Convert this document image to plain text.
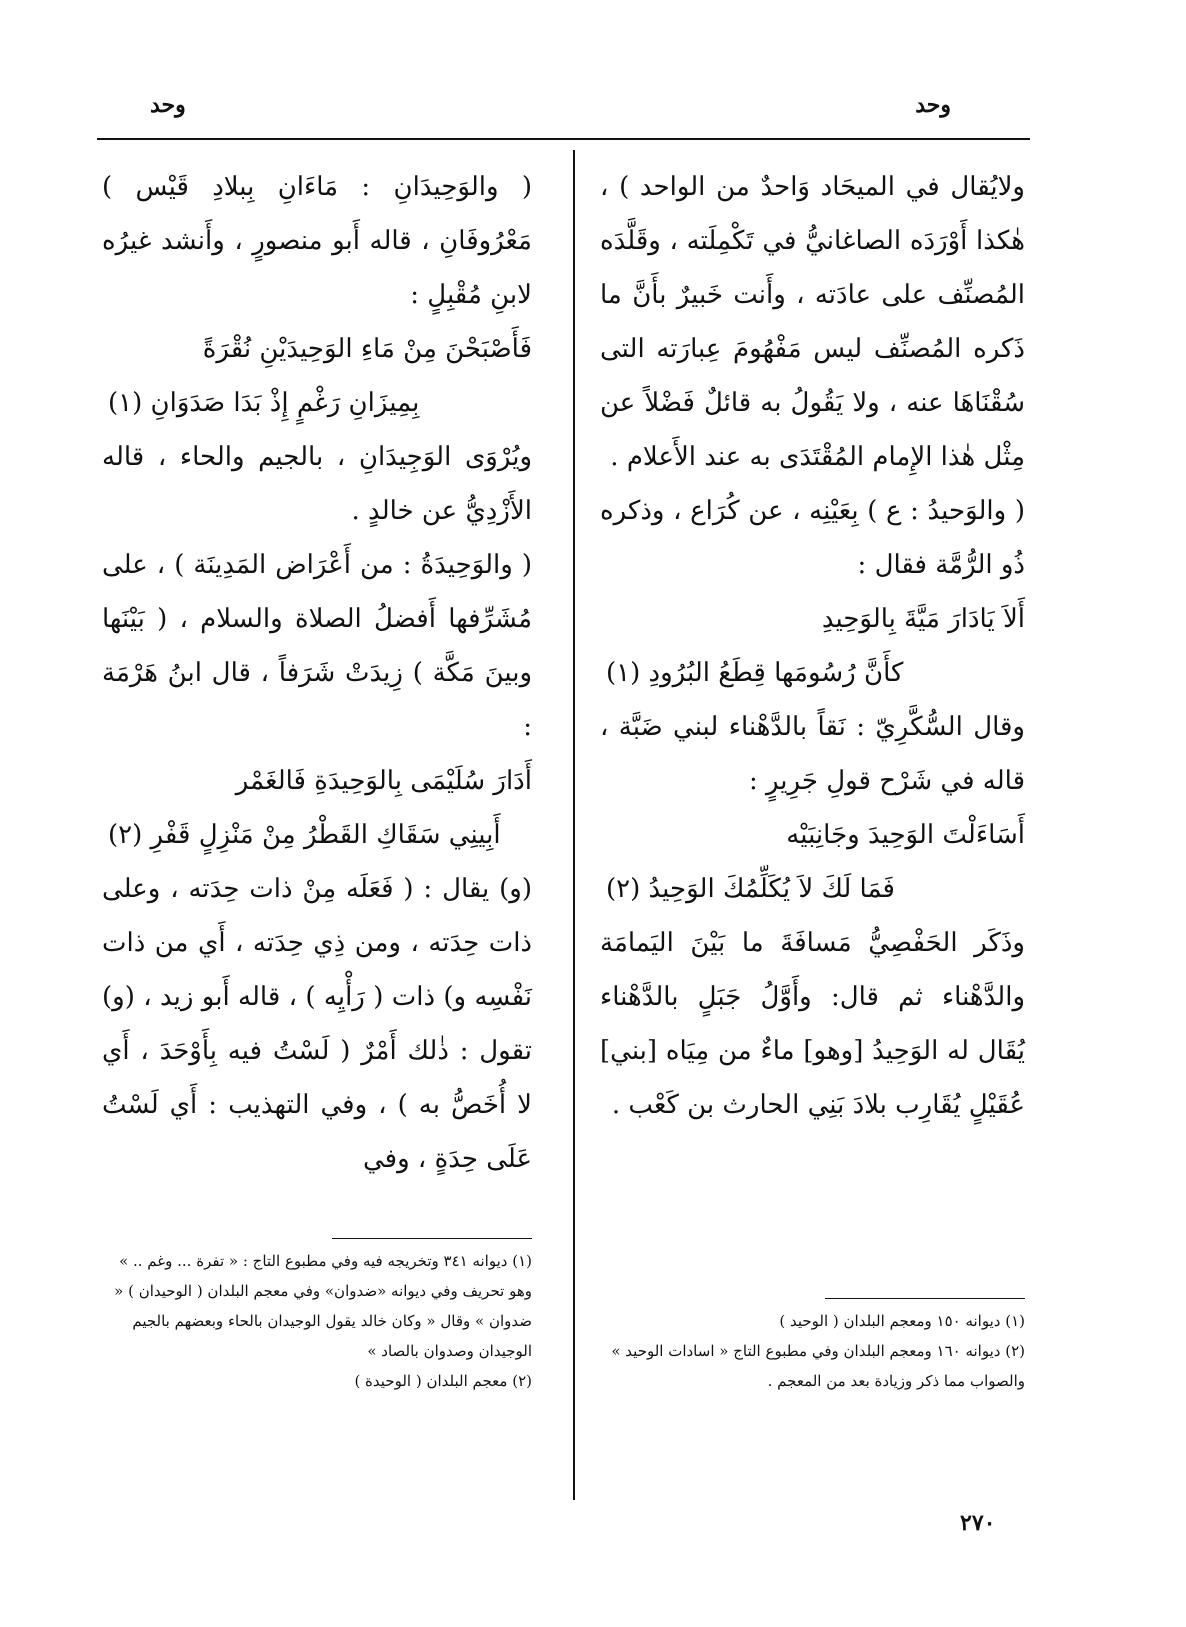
وحد
وحد

ولايُقال في الميحَاد وَاحدٌ من الواحد ) ، هٰكذا أَوْرَدَه الصاغانيُّ في تَكْمِلَته ، وقَلَّدَه المُصنِّف على عادَته ، وأَنت خَبيرٌ بأَنَّ ما ذَكره المُصنِّف ليس مَفْهُومَ عِبارَته التى سُقْنَاهَا عنه ، ولا يَقُولُ به قائلٌ فَضْلاً عن مِثْل هٰذا الإِمام المُقْتَدَى به عند الأَعلام .

( والوَحيدُ : ع ) بِعَيْنِه ، عن كُرَاع ، وذكره ذُو الرُّمَّة فقال :

أَلاَ يَادَارَ مَيَّةَ بِالوَحِيدِ
كأَنَّ رُسُومَها قِطَعُ البُرُودِ (١)

وقال السُّكَّرِيّ : نَقاً بالدَّهْناء لبني ضَبَّة ، قاله في شَرْح قولِ جَرِيرٍ :

أَسَاءَلْتَ الوَحِيدَ وجَانِبَيْه
فَمَا لَكَ لاَ يُكَلِّمُكَ الوَحِيدُ (٢)

وذَكَر الحَفْصِيُّ مَسافَةَ ما بَيْنَ اليَمامَة والدَّهْناء ثم قال: وأَوَّلُ جَبَلٍ بالدَّهْناء يُقَال له الوَحِيدُ [وهو] ماءٌ من مِيَاه [بني] عُقَيْلٍ يُقَارِب بلادَ بَنِي الحارث بن كَعْب .

( والوَحِيدَانِ : مَاءَانِ بِبلادِ قَيْس ) مَعْرُوفَانِ ، قاله أَبو منصورٍ ، وأَنشد غيرُه لابنِ مُقْبِلٍ :

فَأَصْبَحْنَ مِنْ مَاءِ الوَحِيدَيْنِ نُقْرَةً
بِمِيزَانِ رَغْمٍ إِذْ بَدَا صَدَوَانِ (١)

ويُرْوَى الوَجِيدَانِ ، بالجيم والحاء ، قاله الأَزْدِيُّ عن خالدٍ .

( والوَحِيدَةُ : من أَعْرَاض المَدِينَة ) ، على مُشَرِّفها أَفضلُ الصلاة والسلام ، ( بَيْنَها وبينَ مَكَّة ) زِيدَتْ شَرَفاً ، قال ابنُ هَرْمَة :

أَدَارَ سُلَيْمَى بِالوَحِيدَةِ فَالغَمْر
أَبِينِي سَقَاكِ القَطْرُ مِنْ مَنْزِلٍ قَفْرِ (٢)

(و) يقال : ( فَعَلَه مِنْ ذات حِدَته ، وعلى ذات حِدَته ، ومن ذِي حِدَته ، أَي من ذات نَفْسِه و) ذات ( رَأْيِه ) ، قاله أَبو زيد ، (و) تقول : ذٰلك أَمْرٌ ( لَسْتُ فيه بِأَوْحَدَ ، أَي لا أُخَصُّ به ) ، وفي التهذيب : أَي لَسْتُ عَلَى حِدَةٍ ، وفي

(١) ديوانه ١٥٠ ومعجم البلدان ( الوحيد )

(٢) ديوانه ١٦٠ ومعجم البلدان وفي مطبوع التاج « اسادات الوحيد » والصواب مما ذكر وزيادة بعد من المعجم .

(١) ديوانه ٣٤١ وتخريجه فيه وفي مطبوع التاج : « تفرة ... وغم .. » وهو تحريف وفي ديوانه «ضدوان» وفي معجم البلدان ( الوحيدان ) « ضدوان » وقال « وكان خالد يقول الوجيدان بالحاء وبعضهم بالجيم الوجيدان وصدوان بالصاد »

(٢) معجم البلدان ( الوحيدة )

٢٧٠
